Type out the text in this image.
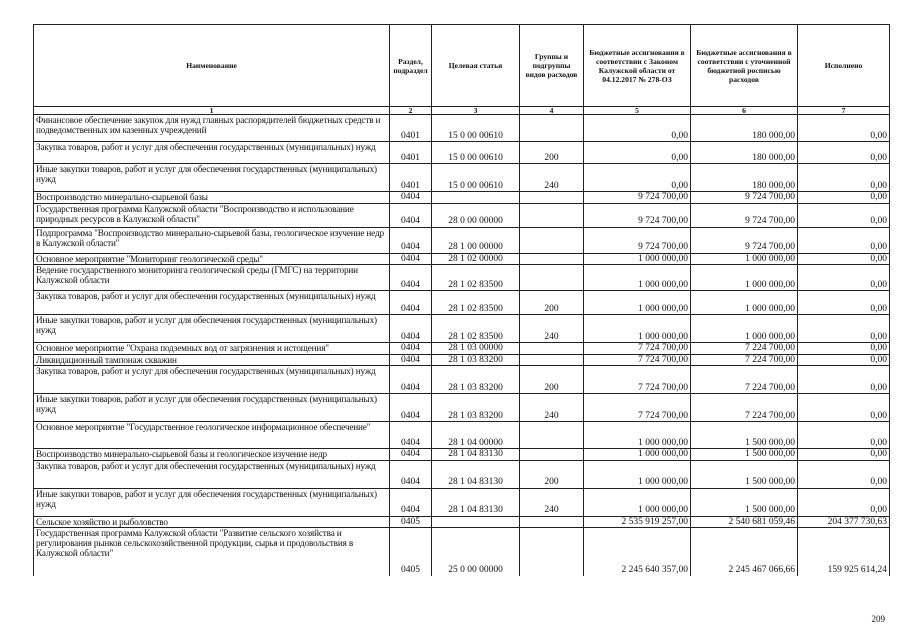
Наименование	Раздел, подраздел	Целевая статья	Группы и подгруппы видов расходов	Бюджетные ассигнования в соответствии с Законом Калужской области от 04.12.2017 № 278-ОЗ	Бюджетные ассигнования в соответствии с уточненной бюджетной росписью расходов	Исполнено
1	2	3	4	5	6	7
Финансовое обеспечение закупок для нужд главных распорядителей бюджетных средств и подведомственных им казенных учреждений	0401	15 0 00 00610		0,00	180 000,00	0,00
Закупка товаров, работ и услуг для обеспечения государственных (муниципальных) нужд	0401	15 0 00 00610	200	0,00	180 000,00	0,00
Иные закупки товаров, работ и услуг для обеспечения государственных (муниципальных) нужд	0401	15 0 00 00610	240	0,00	180 000,00	0,00
Воспроизводство минерально-сырьевой базы	0404			9 724 700,00	9 724 700,00	0,00
Государственная программа Калужской области "Воспроизводство и использование природных ресурсов в Калужской области"	0404	28 0 00 00000		9 724 700,00	9 724 700,00	0,00
Подпрограмма "Воспроизводство минерально-сырьевой базы, геологическое изучение недр в Калужской области"	0404	28 1 00 00000		9 724 700,00	9 724 700,00	0,00
Основное мероприятие "Мониторинг геологической среды"	0404	28 1 02 00000		1 000 000,00	1 000 000,00	0,00
Ведение государственного мониторинга геологической среды (ГМГС) на территории Калужской области	0404	28 1 02 83500		1 000 000,00	1 000 000,00	0,00
Закупка товаров, работ и услуг для обеспечения государственных (муниципальных) нужд	0404	28 1 02 83500	200	1 000 000,00	1 000 000,00	0,00
Иные закупки товаров, работ и услуг для обеспечения государственных (муниципальных) нужд	0404	28 1 02 83500	240	1 000 000,00	1 000 000,00	0,00
Основное мероприятие "Охрана подземных вод от загрязнения и истощения"	0404	28 1 03 00000		7 724 700,00	7 224 700,00	0,00
Ликвидационный тампонаж скважин	0404	28 1 03 83200		7 724 700,00	7 224 700,00	0,00
Закупка товаров, работ и услуг для обеспечения государственных (муниципальных) нужд	0404	28 1 03 83200	200	7 724 700,00	7 224 700,00	0,00
Иные закупки товаров, работ и услуг для обеспечения государственных (муниципальных) нужд	0404	28 1 03 83200	240	7 724 700,00	7 224 700,00	0,00
Основное мероприятие "Государственное геологическое информационное обеспечение"	0404	28 1 04 00000		1 000 000,00	1 500 000,00	0,00
Воспроизводство минерально-сырьевой базы и геологическое изучение недр	0404	28 1 04 83130		1 000 000,00	1 500 000,00	0,00
Закупка товаров, работ и услуг для обеспечения государственных (муниципальных) нужд	0404	28 1 04 83130	200	1 000 000,00	1 500 000,00	0,00
Иные закупки товаров, работ и услуг для обеспечения государственных (муниципальных) нужд	0404	28 1 04 83130	240	1 000 000,00	1 500 000,00	0,00
Сельское хозяйство и рыболовство	0405			2 535 919 257,00	2 540 681 059,46	204 377 730,63
Государственная программа Калужской области "Развитие сельского хозяйства и регулирования рынков сельскохозяйственной продукции, сырья и продовольствия в Калужской области"	0405	25 0 00 00000		2 245 640 357,00	2 245 467 066,66	159 925 614,24
209
